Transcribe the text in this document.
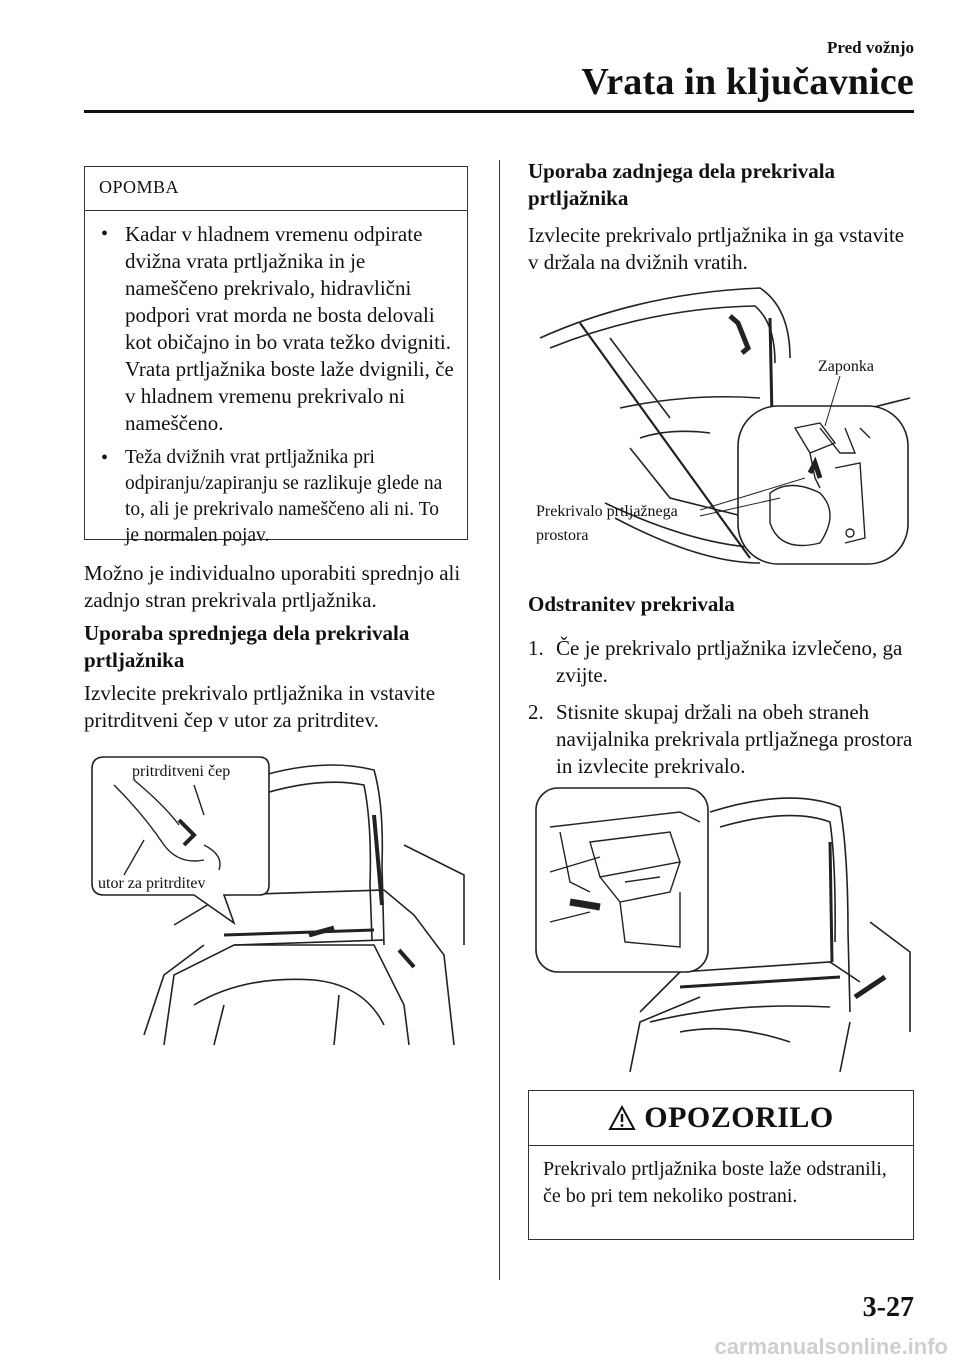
Pred vožnjo
Vrata in ključavnice
OPOMBA
• Kadar v hladnem vremenu odpirate dvižna vrata prtljažnika in je nameščeno prekrivalo, hidravlični podpori vrat morda ne bosta delovali kot običajno in bo vrata težko dvigniti. Vrata prtljažnika boste laže dvignili, če v hladnem vremenu prekrivalo ni nameščeno.
• Teža dvižnih vrat prtljažnika pri odpiranju/zapiranju se razlikuje glede na to, ali je prekrivalo nameščeno ali ni. To je normalen pojav.

Možno je individualno uporabiti sprednjo ali zadnjo stran prekrivala prtljažnika.

Uporaba sprednjega dela prekrivala prtljažnika

Izvlecite prekrivalo prtljažnika in vstavite pritrditveni čep v utor za pritrditev.

pritrditveni čep
utor za pritrditev

Uporaba zadnjega dela prekrivala prtljažnika

Izvlecite prekrivalo prtljažnika in ga vstavite v držala na dvižnih vratih.

Zaponka
Prekrivalo prtljažnega
prostora

Odstranitev prekrivala

1. Če je prekrivalo prtljažnika izvlečeno, ga zvijte.
2. Stisnite skupaj držali na obeh straneh navijalnika prekrivala prtljažnega prostora in izvlecite prekrivalo.
OPOZORILO
Prekrivalo prtljažnika boste laže odstranili, če bo pri tem nekoliko postrani.
3-27
carmanualsonline.info
